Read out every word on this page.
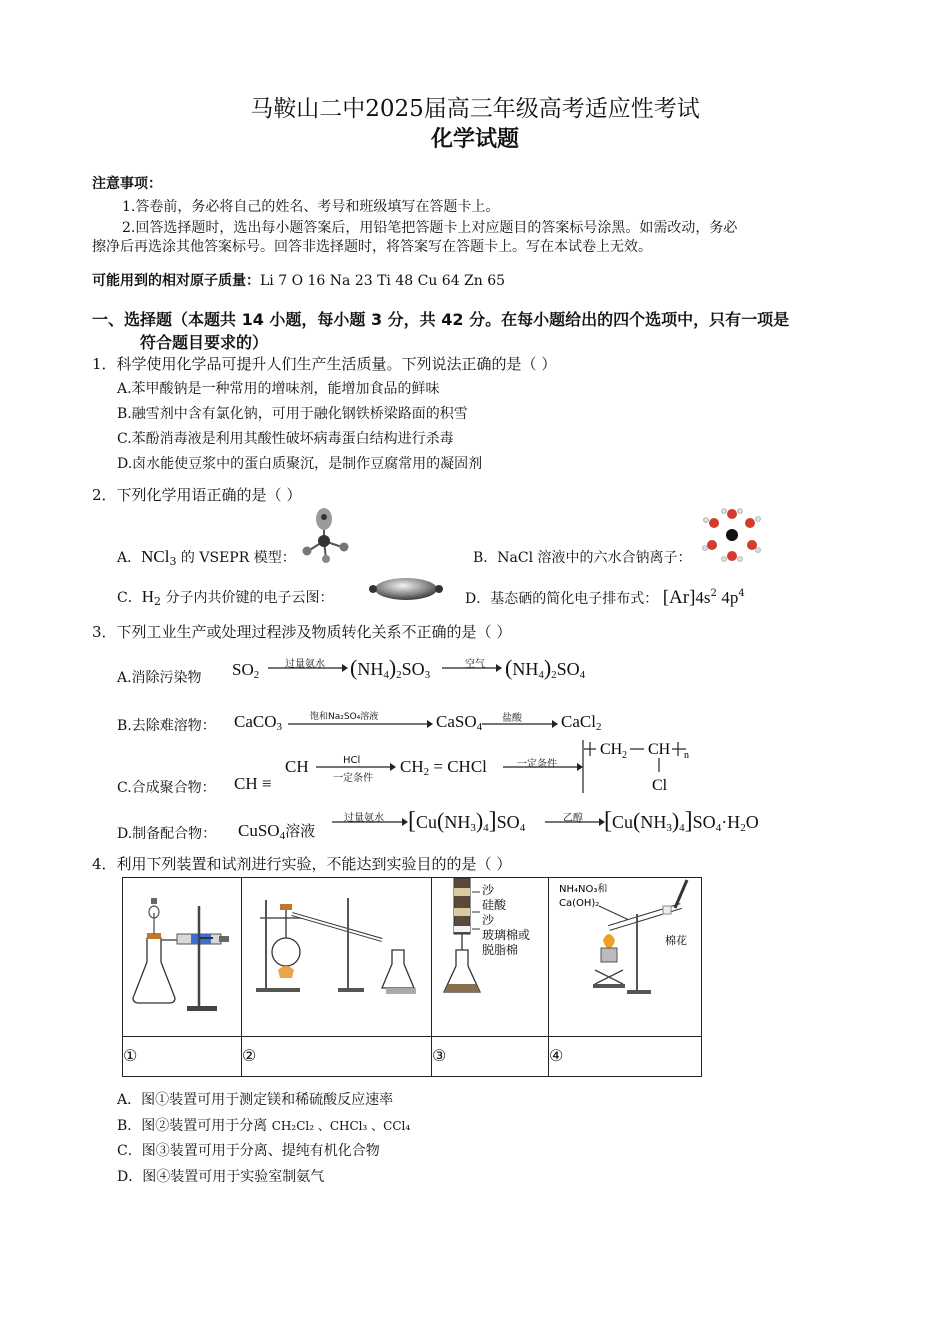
马鞍山二中2025届高三年级高考适应性考试
化学试题
注意事项：
1.答卷前，务必将自己的姓名、考号和班级填写在答题卡上。
2.回答选择题时，选出每小题答案后，用铅笔把答题卡上对应题目的答案标号涂黑。如需改动，务必
擦净后再选涂其他答案标号。回答非选择题时，将答案写在答题卡上。写在本试卷上无效。
可能用到的相对原子质量：Li 7 O 16 Na 23 Ti 48 Cu 64 Zn 65
一、选择题（本题共 14 小题，每小题 3 分，共 42 分。在每小题给出的四个选项中，只有一项是
符合题目要求的）
1．科学使用化学品可提升人们生产生活质量。下列说法正确的是（ ）
A.苯甲酸钠是一种常用的增味剂，能增加食品的鲜味
B.融雪剂中含有氯化钠，可用于融化钢铁桥梁路面的积雪
C.苯酚消毒液是利用其酸性破坏病毒蛋白结构进行杀毒
D.卤水能使豆浆中的蛋白质聚沉，是制作豆腐常用的凝固剂
2．下列化学用语正确的是（ ）
A．NCl$_3$ 的 VSEPR 模型：	B．NaCl 溶液中的六水合钠离子：
C．$H_2$ 分子内共价键的电子云图：	D．基态硒的简化电子排布式： $[Ar]4s^2$ $4p^4$
3．下列工业生产或处理过程涉及物质转化关系不正确的是（ ）
A.消除污染物 $SO_2$
过量氨水 $(NH_4)_2SO_3$
空气 $(NH_4)_2SO_4$
B.去除难溶物： CaCO$_3$
饱和Na₂SO₄溶液	CaSO$_4$
盐酸 CaCl$_2$
C.合成聚合物： CH ≡
CH	HCl
一定条件
$CH_2$ = CHCl	一定条件
CH 2 CH n
Cl
D.制备配合物： CuSO$_4$溶液
过量氨水 $[Cu(NH_3)_4]SO_4$
乙醇 $[Cu(NH_3)_4]SO_4\cdot H_2O$
4．利用下列装置和试剂进行实验，不能达到实验目的的是（ ）

沙
硅酸
沙
玻璃棉或
脱脂棉	NH₄NO₃和
Ca(OH)₂
棉花

①	②	③	④
A．图①装置可用于测定镁和稀硫酸反应速率
B．图②装置可用于分离 CH₂Cl₂ 、CHCl₃ 、CCl₄
C．图③装置可用于分离、提纯有机化合物
D．图④装置可用于实验室制氨气
